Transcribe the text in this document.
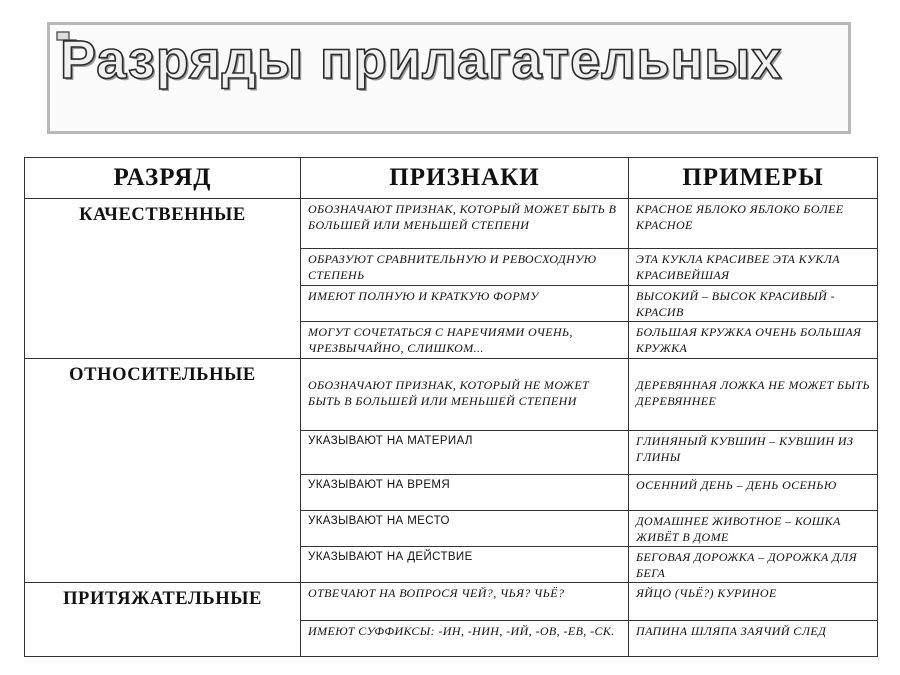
Разряды прилагательных
РАЗРЯД	ПРИЗНАКИ	ПРИМЕРЫ
КАЧЕСТВЕННЫЕ	ОБОЗНАЧАЮТ ПРИЗНАК, КОТОРЫЙ МОЖЕТ БЫТЬ В БОЛЬШЕЙ ИЛИ МЕНЬШЕЙ СТЕПЕНИ	КРАСНОЕ ЯБЛОКО ЯБЛОКО БОЛЕЕ КРАСНОЕ
	ОБРАЗУЮТ СРАВНИТЕЛЬНУЮ И РЕВОСХОДНУЮ СТЕПЕНЬ	ЭТА КУКЛА КРАСИВЕЕ ЭТА КУКЛА КРАСИВЕЙШАЯ
	ИМЕЮТ ПОЛНУЮ И КРАТКУЮ ФОРМУ	ВЫСОКИЙ – ВЫСОК КРАСИВЫЙ - КРАСИВ
	МОГУТ СОЧЕТАТЬСЯ С НАРЕЧИЯМИ ОЧЕНЬ, ЧРЕЗВЫЧАЙНО, СЛИШКОМ...	БОЛЬШАЯ КРУЖКА ОЧЕНЬ БОЛЬШАЯ КРУЖКА
ОТНОСИТЕЛЬНЫЕ	ОБОЗНАЧАЮТ ПРИЗНАК, КОТОРЫЙ НЕ МОЖЕТ БЫТЬ В БОЛЬШЕЙ ИЛИ МЕНЬШЕЙ СТЕПЕНИ	ДЕРЕВЯННАЯ ЛОЖКА НЕ МОЖЕТ БЫТЬ ДЕРЕВЯННЕЕ
	УКАЗЫВАЮТ НА МАТЕРИАЛ	ГЛИНЯНЫЙ КУВШИН – КУВШИН ИЗ ГЛИНЫ
	УКАЗЫВАЮТ НА ВРЕМЯ	ОСЕННИЙ ДЕНЬ – ДЕНЬ ОСЕНЬЮ
	УКАЗЫВАЮТ НА МЕСТО	ДОМАШНЕЕ ЖИВОТНОЕ – КОШКА ЖИВЁТ В ДОМЕ
	УКАЗЫВАЮТ НА ДЕЙСТВИЕ	БЕГОВАЯ ДОРОЖКА – ДОРОЖКА ДЛЯ БЕГА
ПРИТЯЖАТЕЛЬНЫЕ	ОТВЕЧАЮТ НА ВОПРОСЯ ЧЕЙ?, ЧЬЯ? ЧЬЁ?	ЯЙЦО (ЧЬЁ?) КУРИНОЕ
	ИМЕЮТ СУФФИКСЫ: -ИН, -НИН, -ИЙ, -ОВ, -ЕВ, -СК.	ПАПИНА ШЛЯПА ЗАЯЧИЙ СЛЕД
